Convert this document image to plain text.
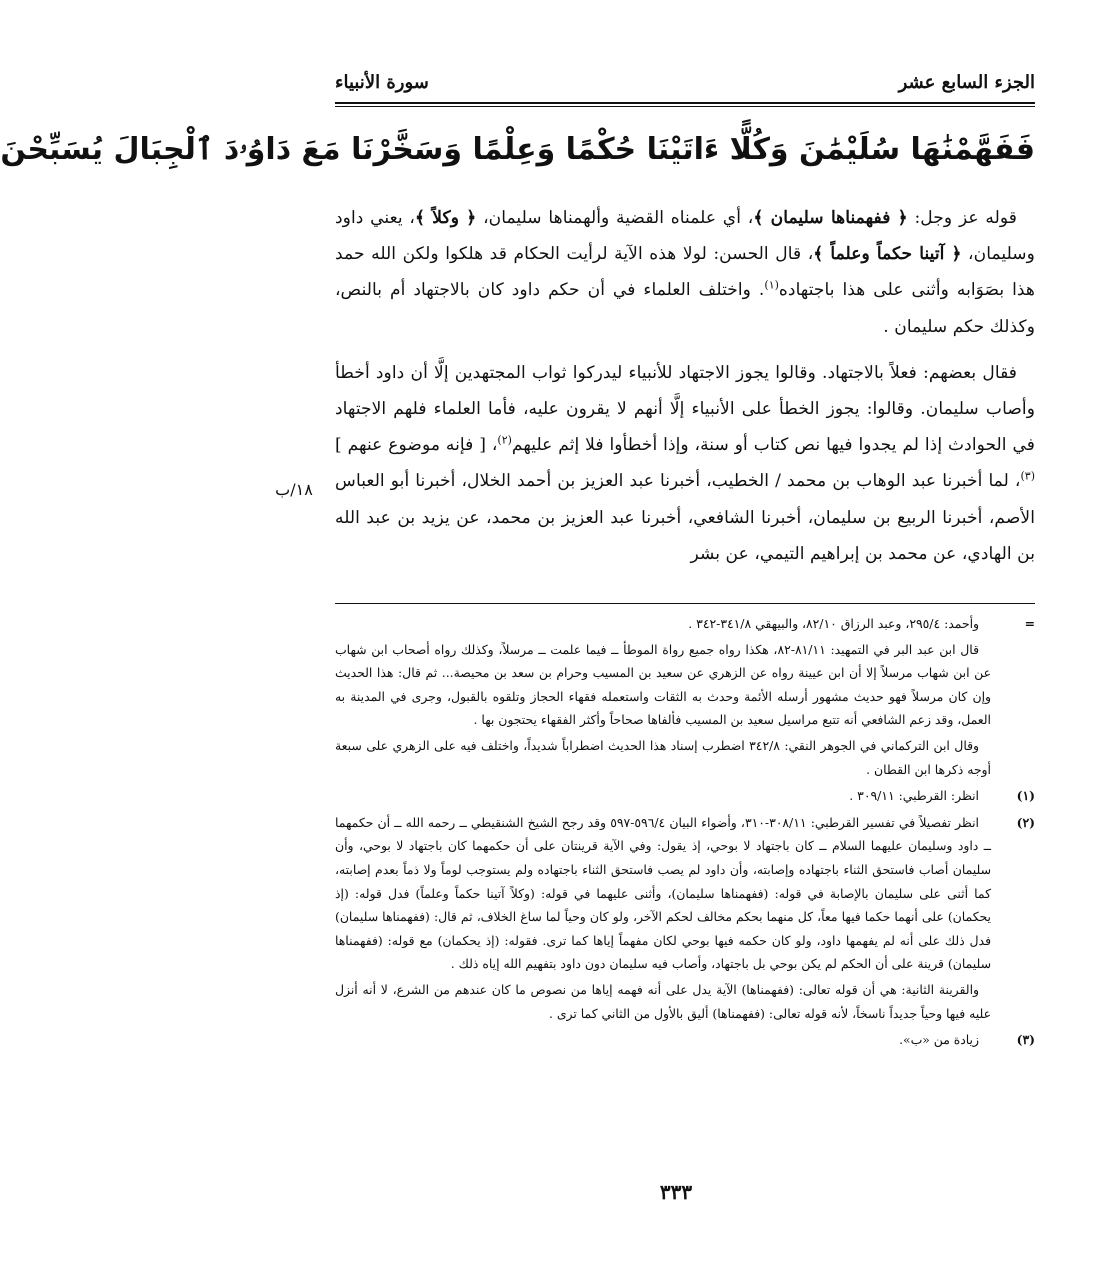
الجزء السابع عشر
سورة الأنبياء
فَفَهَّمْنَٰهَا سُلَيْمَٰنَ وَكُلًّا ءَاتَيْنَا حُكْمًا وَعِلْمًا وَسَخَّرْنَا مَعَ دَاوُۥدَ ٱلْجِبَالَ يُسَبِّحْنَ

قوله عز وجل: ﴿ ففهمناها سليمان ﴾، أي علمناه القضية وألهمناها سليمان، ﴿ وكلاً ﴾، يعني داود وسليمان، ﴿ آتينا حكماً وعلماً ﴾، قال الحسن: لولا هذه الآية لرأيت الحكام قد هلكوا ولكن الله حمد هذا بصَوَابه وأثنى على هذا باجتهاده$^{(١)}$. واختلف العلماء في أن حكم داود كان بالاجتهاد أم بالنص، وكذلك حكم سليمان .

فقال بعضهم: فعلاً بالاجتهاد. وقالوا يجوز الاجتهاد للأنبياء ليدركوا ثواب المجتهدين إلَّا أن داود أخطأ وأصاب سليمان. وقالوا: يجوز الخطأ على الأنبياء إلَّا أنهم لا يقرون عليه، فأما العلماء فلهم الاجتهاد في الحوادث إذا لم يجدوا فيها نص كتاب أو سنة، وإذا أخطأوا فلا إثم عليهم$^{(٢)}$، [ فإنه موضوع عنهم ]$^{(٣)}$، لما أخبرنا عبد الوهاب بن محمد / الخطيب، أخبرنا عبد العزيز بن أحمد الخلال، أخبرنا أبو العباس الأصم، أخبرنا الربيع بن سليمان، أخبرنا الشافعي، أخبرنا عبد العزيز بن محمد، عن يزيد بن عبد الله بن الهادي، عن محمد بن إبراهيم التيمي، عن بشر

١٨/ب
=

وأحمد: ٢٩٥/٤، وعبد الرزاق ٨٢/١٠، والبيهقي ٣٤١/٨-٣٤٢ .

قال ابن عبد البر في التمهيد: ٨١/١١-٨٢، هكذا رواه جميع رواة الموطأ ــ فيما علمت ــ مرسلاً، وكذلك رواه أصحاب ابن شهاب عن ابن شهاب مرسلاً إلا أن ابن عيينة رواه عن الزهري عن سعيد بن المسيب وحرام بن سعد بن محيصة... ثم قال: هذا الحديث وإن كان مرسلاً فهو حديث مشهور أرسله الأئمة وحدث به الثقات واستعمله فقهاء الحجاز وتلقوه بالقبول، وجرى في المدينة به العمل، وقد زعم الشافعي أنه تتبع مراسيل سعيد بن المسيب فألفاها صحاحاً وأكثر الفقهاء يحتجون بها .

وقال ابن التركماني في الجوهر النقي: ٣٤٢/٨ اضطرب إسناد هذا الحديث اضطراباً شديداً، واختلف فيه على الزهري على سبعة أوجه ذكرها ابن القطان .

(١)

انظر: القرطبي: ٣٠٩/١١ .

(٢)

انظر تفصيلاً في تفسير القرطبي: ٣٠٨/١١-٣١٠، وأضواء البيان ٥٩٦/٤-٥٩٧ وقد رجح الشيخ الشنقيطي ــ رحمه الله ــ أن حكمهما ــ داود وسليمان عليهما السلام ــ كان باجتهاد لا بوحي، إذ يقول: وفي الآية قرينتان على أن حكمهما كان باجتهاد لا بوحي، وأن سليمان أصاب فاستحق الثناء باجتهاده وإصابته، وأن داود لم يصب فاستحق الثناء باجتهاده ولم يستوجب لوماً ولا ذماً بعدم إصابته، كما أثنى على سليمان بالإصابة في قوله: (ففهمناها سليمان)، وأثنى عليهما في قوله: (وكلاً آتينا حكماً وعلماً) فدل قوله: (إذ يحكمان) على أنهما حكما فيها معاً، كل منهما بحكم مخالف لحكم الآخر، ولو كان وحياً لما ساغ الخلاف، ثم قال: (ففهمناها سليمان) فدل ذلك على أنه لم يفهمها داود، ولو كان حكمه فيها بوحي لكان مفهماً إياها كما ترى. فقوله: (إذ يحكمان) مع قوله: (ففهمناها سليمان) قرينة على أن الحكم لم يكن بوحي بل باجتهاد، وأصاب فيه سليمان دون داود بتفهيم الله إياه ذلك .

والقرينة الثانية: هي أن قوله تعالى: (ففهمناها) الآية يدل على أنه فهمه إياها من نصوص ما كان عندهم من الشرع، لا أنه أنزل عليه فيها وحياً جديداً ناسخاً، لأنه قوله تعالى: (ففهمناها) أليق بالأول من الثاني كما ترى .

(٣)

زيادة من «ب».

٣٣٣
